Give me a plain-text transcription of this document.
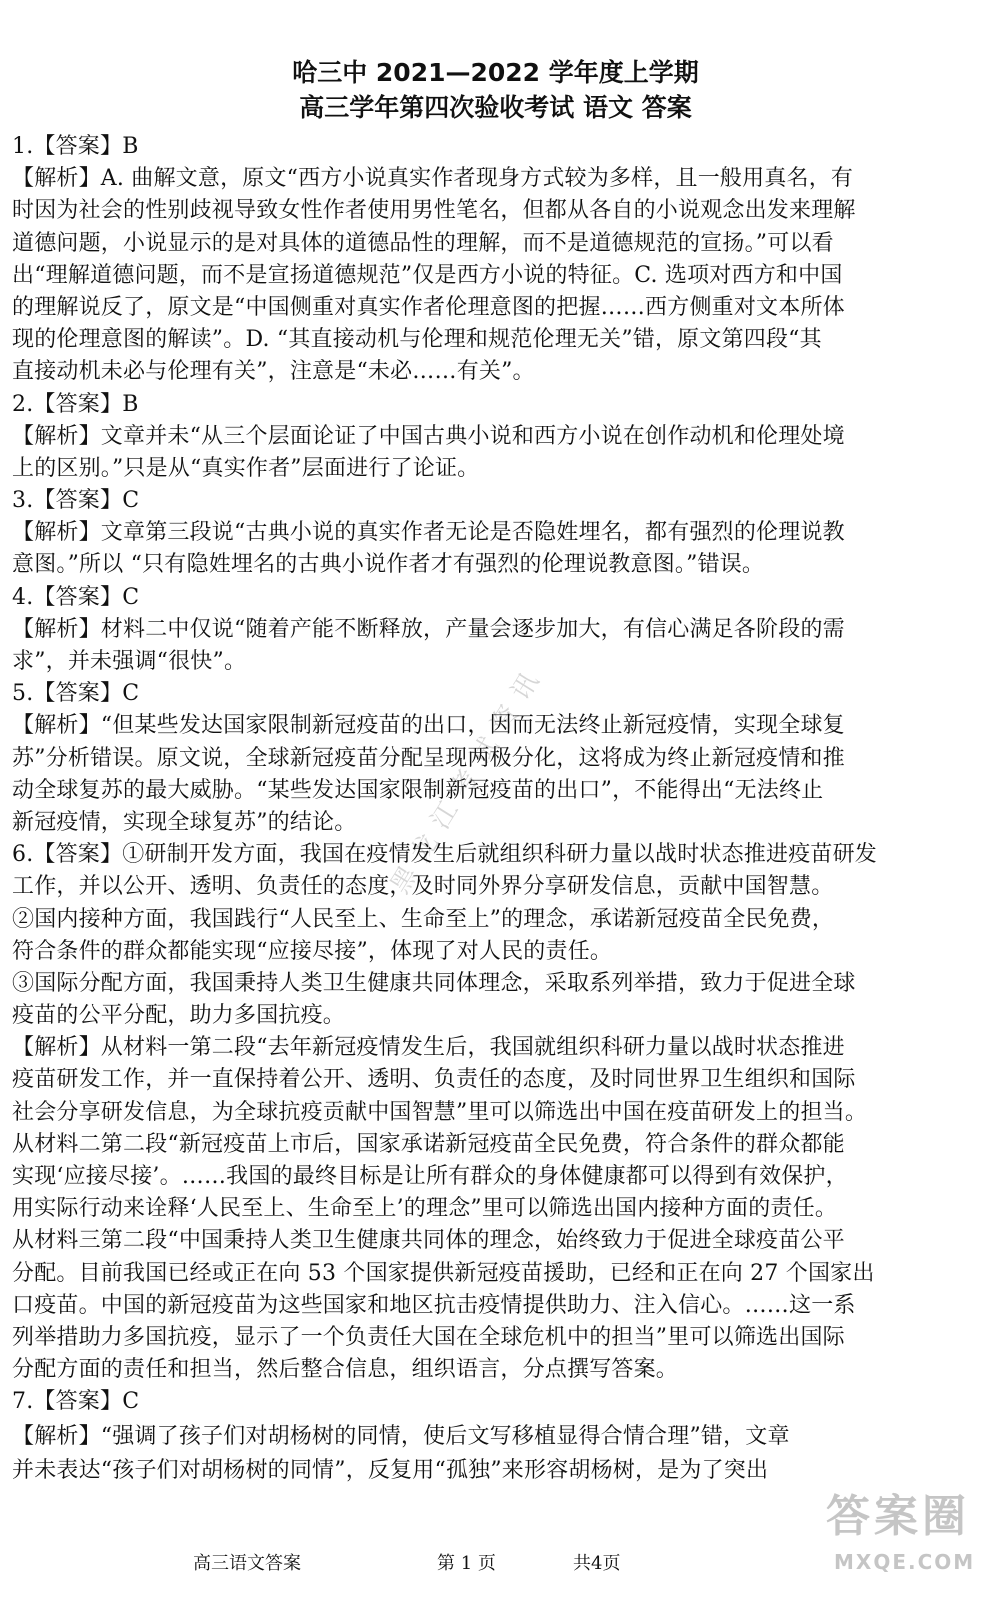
哈三中 2021—2022 学年度上学期
高三学年第四次验收考试 语文 答案
1.【答案】B
【解析】A. 曲解文意，原文“西方小说真实作者现身方式较为多样，且一般用真名，有
时因为社会的性别歧视导致女性作者使用男性笔名，但都从各自的小说观念出发来理解
道德问题，小说显示的是对具体的道德品性的理解，而不是道德规范的宣扬。”可以看
出“理解道德问题，而不是宣扬道德规范”仅是西方小说的特征。C. 选项对西方和中国
的理解说反了，原文是“中国侧重对真实作者伦理意图的把握……西方侧重对文本所体
现的伦理意图的解读”。D. “其直接动机与伦理和规范伦理无关”错，原文第四段“其
直接动机未必与伦理有关”，注意是“未必……有关”。
2.【答案】B
【解析】文章并未“从三个层面论证了中国古典小说和西方小说在创作动机和伦理处境
上的区别。”只是从“真实作者”层面进行了论证。
3.【答案】C
【解析】文章第三段说“古典小说的真实作者无论是否隐姓埋名，都有强烈的伦理说教
意图。”所以 “只有隐姓埋名的古典小说作者才有强烈的伦理说教意图。”错误。
4.【答案】C
【解析】材料二中仅说“随着产能不断释放，产量会逐步加大，有信心满足各阶段的需
求”，并未强调“很快”。
5.【答案】C
【解析】“但某些发达国家限制新冠疫苗的出口，因而无法终止新冠疫情，实现全球复
苏”分析错误。原文说，全球新冠疫苗分配呈现两极分化，这将成为终止新冠疫情和推
动全球复苏的最大威胁。“某些发达国家限制新冠疫苗的出口”，不能得出“无法终止
新冠疫情，实现全球复苏”的结论。
6.【答案】①研制开发方面，我国在疫情发生后就组织科研力量以战时状态推进疫苗研发
工作，并以公开、透明、负责任的态度，及时同外界分享研发信息，贡献中国智慧。
②国内接种方面，我国践行“人民至上、生命至上”的理念，承诺新冠疫苗全民免费，
符合条件的群众都能实现“应接尽接”，体现了对人民的责任。
③国际分配方面，我国秉持人类卫生健康共同体理念，采取系列举措，致力于促进全球
疫苗的公平分配，助力多国抗疫。
【解析】从材料一第二段“去年新冠疫情发生后，我国就组织科研力量以战时状态推进
疫苗研发工作，并一直保持着公开、透明、负责任的态度，及时同世界卫生组织和国际
社会分享研发信息，为全球抗疫贡献中国智慧”里可以筛选出中国在疫苗研发上的担当。
从材料二第二段“新冠疫苗上市后，国家承诺新冠疫苗全民免费，符合条件的群众都能
实现‘应接尽接’。……我国的最终目标是让所有群众的身体健康都可以得到有效保护，
用实际行动来诠释‘人民至上、生命至上’的理念”里可以筛选出国内接种方面的责任。
从材料三第二段“中国秉持人类卫生健康共同体的理念，始终致力于促进全球疫苗公平
分配。目前我国已经或正在向 53 个国家提供新冠疫苗援助，已经和正在向 27 个国家出
口疫苗。中国的新冠疫苗为这些国家和地区抗击疫情提供助力、注入信心。……这一系
列举措助力多国抗疫，显示了一个负责任大国在全球危机中的担当”里可以筛选出国际
分配方面的责任和担当，然后整合信息，组织语言，分点撰写答案。
7.【答案】C
【解析】“强调了孩子们对胡杨树的同情，使后文写移植显得合情合理”错，文章
并未表达“孩子们对胡杨树的同情”，反复用“孤独”来形容胡杨树，是为了突出
高三语文答案	第 1 页	共4页
黑龙江考试资讯
答案圈
MXQE.COM
